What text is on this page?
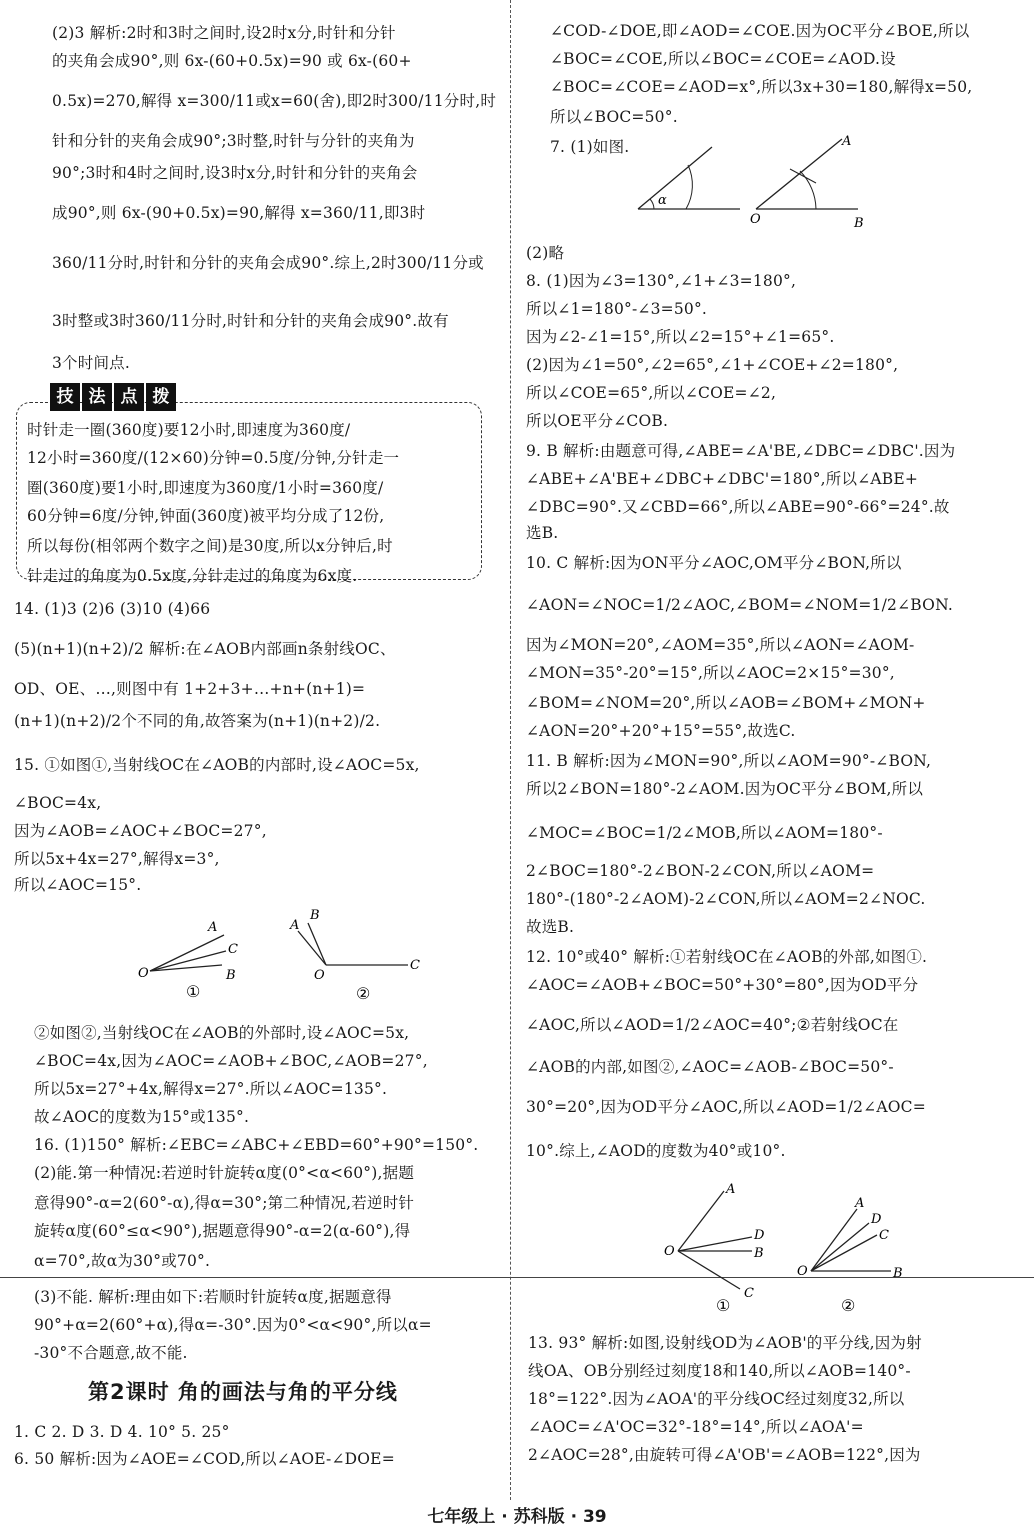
(2)3 解析:2时和3时之间时,设2时x分,时针和分针
的夹角会成90°,则 6x-(60+0.5x)=90 或 6x-(60+
0.5x)=270,解得 x=300/11或x=60(舍),即2时300/11分时,时
针和分针的夹角会成90°;3时整,时针与分针的夹角为
90°;3时和4时之间时,设3时x分,时针和分针的夹角会
成90°,则 6x-(90+0.5x)=90,解得 x=360/11,即3时
360/11分时,时针和分针的夹角会成90°.综上,2时300/11分或
3时整或3时360/11分时,时针和分针的夹角会成90°.故有
3个时间点.
14. (1)3 (2)6 (3)10 (4)66
(5)(n+1)(n+2)/2 解析:在∠AOB内部画n条射线OC、
OD、OE、…,则图中有 1+2+3+…+n+(n+1)=
(n+1)(n+2)/2个不同的角,故答案为(n+1)(n+2)/2.
15. ①如图①,当射线OC在∠AOB的内部时,设∠AOC=5x,
∠BOC=4x,
因为∠AOB=∠AOC+∠BOC=27°,
所以5x+4x=27°,解得x=3°,
所以∠AOC=15°.
②如图②,当射线OC在∠AOB的外部时,设∠AOC=5x,
∠BOC=4x,因为∠AOC=∠AOB+∠BOC,∠AOB=27°,
所以5x=27°+4x,解得x=27°.所以∠AOC=135°.
故∠AOC的度数为15°或135°.
16. (1)150° 解析:∠EBC=∠ABC+∠EBD=60°+90°=150°.
(2)能.第一种情况:若逆时针旋转α度(0°<α<60°),据题
意得90°-α=2(60°-α),得α=30°;第二种情况,若逆时针
旋转α度(60°≤α<90°),据题意得90°-α=2(α-60°),得
α=70°,故α为30°或70°.
(3)不能. 解析:理由如下:若顺时针旋转α度,据题意得
90°+α=2(60°+α),得α=-30°.因为0°<α<90°,所以α=
-30°不合题意,故不能.
1. C 2. D 3. D 4. 10° 5. 25°
6. 50 解析:因为∠AOE=∠COD,所以∠AOE-∠DOE=
时针走一圈(360度)要12小时,即速度为360度/
12小时=360度/(12×60)分钟=0.5度/分钟,分针走一
圈(360度)要1小时,即速度为360度/1小时=360度/
60分钟=6度/分钟,钟面(360度)被平均分成了12份,
所以每份(相邻两个数字之间)是30度,所以x分钟后,时
针走过的角度为0.5x度,分针走过的角度为6x度.
技 法 点 拨
第2课时 角的画法与角的平分线
∠COD-∠DOE,即∠AOD=∠COE.因为OC平分∠BOE,所以
∠BOC=∠COE,所以∠BOC=∠COE=∠AOD.设
∠BOC=∠COE=∠AOD=x°,所以3x+30=180,解得x=50,
所以∠BOC=50°.
7. (1)如图.
(2)略
8. (1)因为∠3=130°,∠1+∠3=180°,
所以∠1=180°-∠3=50°.
因为∠2-∠1=15°,所以∠2=15°+∠1=65°.
(2)因为∠1=50°,∠2=65°,∠1+∠COE+∠2=180°,
所以∠COE=65°,所以∠COE=∠2,
所以OE平分∠COB.
9. B 解析:由题意可得,∠ABE=∠A'BE,∠DBC=∠DBC'.因为
∠ABE+∠A'BE+∠DBC+∠DBC'=180°,所以∠ABE+
∠DBC=90°.又∠CBD=66°,所以∠ABE=90°-66°=24°.故
选B.
10. C 解析:因为ON平分∠AOC,OM平分∠BON,所以
∠AON=∠NOC=1/2∠AOC,∠BOM=∠NOM=1/2∠BON.
因为∠MON=20°,∠AOM=35°,所以∠AON=∠AOM-
∠MON=35°-20°=15°,所以∠AOC=2×15°=30°,
∠BOM=∠NOM=20°,所以∠AOB=∠BOM+∠MON+
∠AON=20°+20°+15°=55°,故选C.
11. B 解析:因为∠MON=90°,所以∠AOM=90°-∠BON,
所以2∠BON=180°-2∠AOM.因为OC平分∠BOM,所以
∠MOC=∠BOC=1/2∠MOB,所以∠AOM=180°-
2∠BOC=180°-2∠BON-2∠CON,所以∠AOM=
180°-(180°-2∠AOM)-2∠CON,所以∠AOM=2∠NOC.
故选B.
12. 10°或40° 解析:①若射线OC在∠AOB的外部,如图①.
∠AOC=∠AOB+∠BOC=50°+30°=80°,因为OD平分
∠AOC,所以∠AOD=1/2∠AOC=40°;②若射线OC在
∠AOB的内部,如图②,∠AOC=∠AOB-∠BOC=50°-
30°=20°,因为OD平分∠AOC,所以∠AOD=1/2∠AOC=
10°.综上,∠AOD的度数为40°或10°.
13. 93° 解析:如图,设射线OD为∠AOB'的平分线,因为射
线OA、OB分别经过刻度18和140,所以∠AOB=140°-
18°=122°.因为∠AOA'的平分线OC经过刻度32,所以
∠AOC=∠A'OC=32°-18°=14°,所以∠AOA'=
2∠AOC=28°,由旋转可得∠A'OB'=∠AOB=122°,因为
A
C
B
O
①
B
A
C
O
②
α
O
A
B
A
D
B
C
O
①
A
D
C
B
O
②
七年级上 · 苏科版 · 39
